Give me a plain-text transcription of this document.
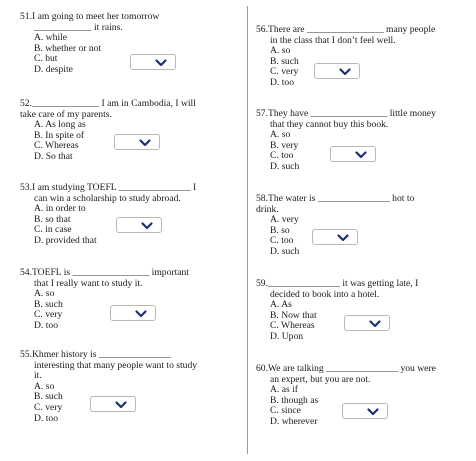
51.I am going to meet her tomorrow
____________ it rains.
A. while
B. whether or not
C. but
D. despite
52.______________ I am in Cambodia, I will
take care of my parents.
A. As long as
B. In spite of
C. Whereas
D. So that
53.I am studying TOEFL _______________ I
can win a scholarship to study abroad.
A. in order to
B. so that
C. in case
D. provided that
54.TOEFL is ________________ important
that I really want to study it.
A. so
B. such
C. very
D. too
55.Khmer history is _______________
interesting that many people want to study
it.
A. so
B. such
C. very
D. too
56.There are ________________ many people
in the class that I don’t feel well.
A. so
B. such
C. very
D. too
57.They have ________________ little money
that they cannot buy this book.
A. so
B. very
C. too
D. such
58.The water is _______________ hot to
drink.
A. very
B. so
C. too
D. such
59._______________ it was getting late, I
decided to book into a hotel.
A. As
B. Now that
C. Whereas
D. Upon
60.We are talking _______________ you were
an expert, but you are not.
A. as if
B. though as
C. since
D. wherever
